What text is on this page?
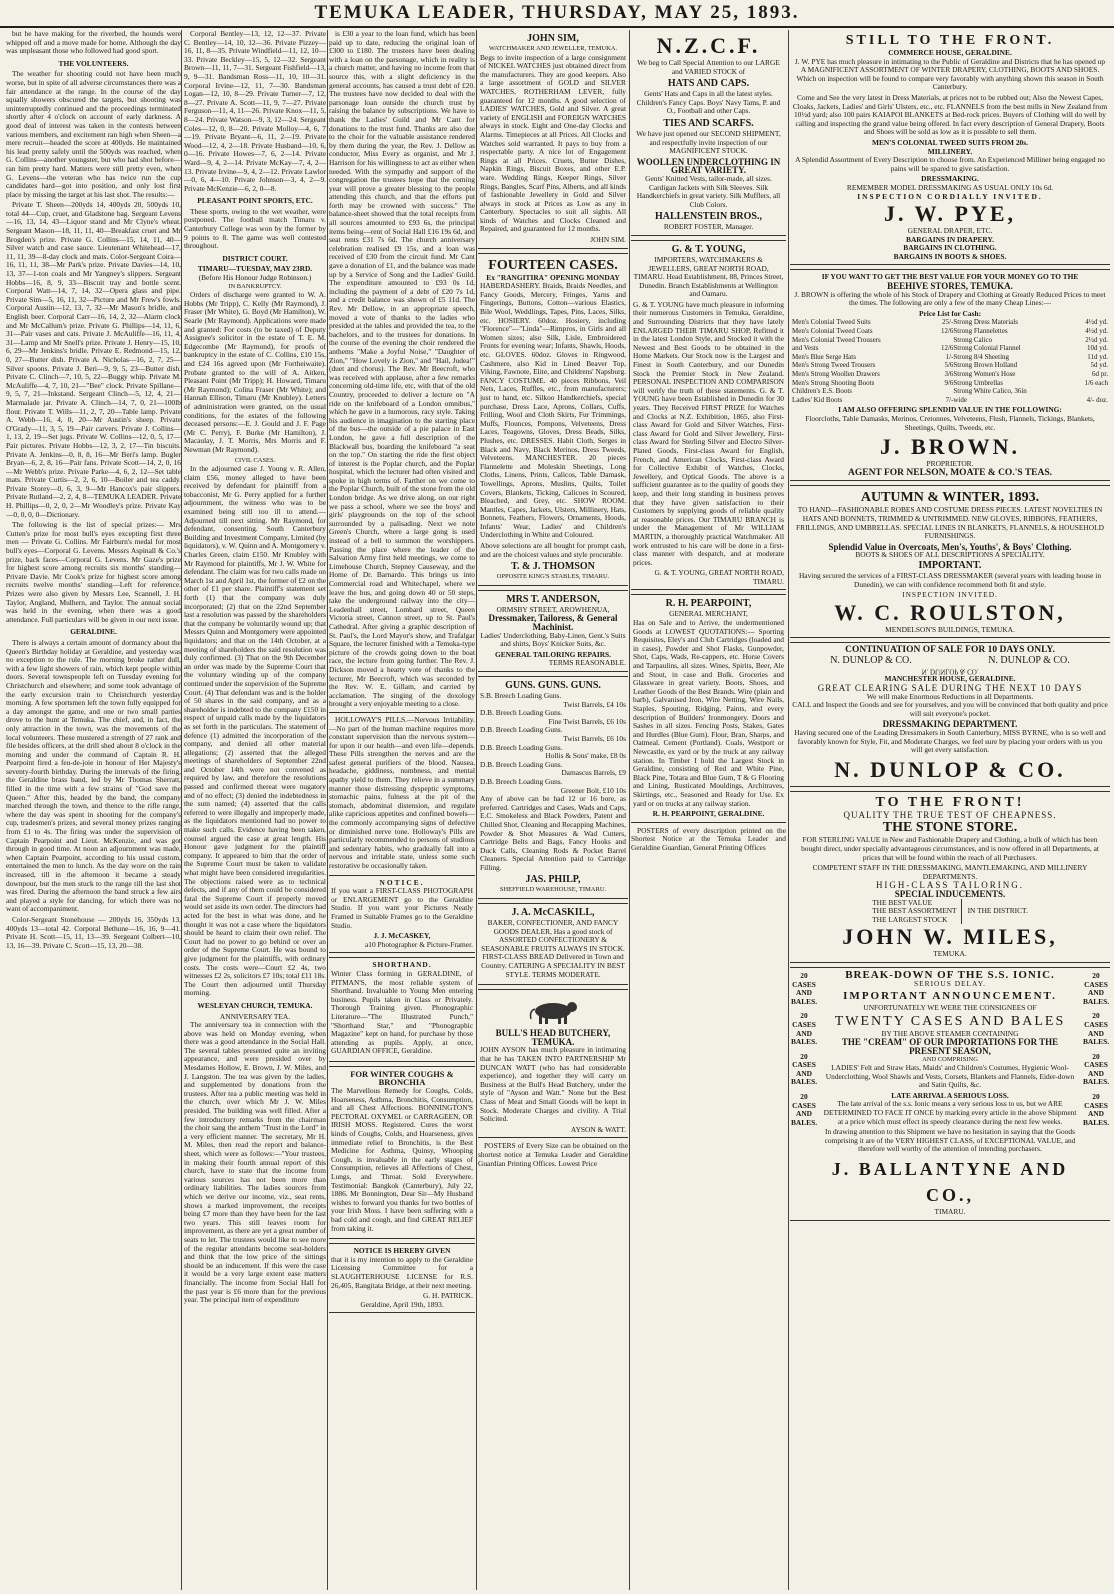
TEMUKA LEADER, THURSDAY, MAY 25, 1893.

but he have making for the riverbed, the hounds were whipped off and a move made for home. Although the day was unpleasant those who followed had good sport.

THE VOLUNTEERS.

The weather for shooting could not have been much worse, but in spite of all adverse circumstances there was a fair attendance at the range. In the course of the day squally showers obscured the targets, but shooting was uninterruptedly continued and the proceedings terminated shortly after 4 o'clock on account of early darkness. A good deal of interest was taken in the contests between various members, and excitement ran high when Sheen—a mere recruit—headed the score at 400yds. He maintained his lead pretty safely until the 500yds was reached, when G. Collins—another youngster, but who had shot before—ran him pretty hard. Matters were still pretty even, when G. Levens—the veteran who has twice run the cup candidates hard—got into position, and only lost first place by missing the target at his last shot. The results:—

Private T. Sheen—200yds 14, 400yds 20, 500yds 10, total 44—Cup, cruet, and Gladstone bag. Sergeant Levens—16, 13, 14, 43—Liquor stand and Mr Clyne's wheat. Sergeant Mason—18, 11, 11, 40—Breakfast cruet and Mr Brogden's prize. Private G. Collins—15, 14, 11, 40—Silver watch and case sauce. Lieutenant Whitehead—17, 11, 11, 39—8-day clock and mats. Color-Sergeant Coira—16, 11, 11, 38—Mr Park's prize. Private Davies—14, 10, 13, 37—1-ton coals and Mr Yangney's slippers. Sergeant Hobbs—16, 8, 9, 33—Biscuit tray and bottle scent. Corporal Watt—14, 7, 14, 32—Opera glass and pipe. Private Sim—5, 16, 11, 32—Picture and Mr Frew's fowls. Corporal Austin—12, 13, 7, 32—Mr Mason's bridle, and English beer. Corporal Carr—16, 14, 2, 32—Alarm clock and Mr McCallum's prize. Private G. Phillips—14, 11, 6, 31—Pair vases and cats. Private J. McAuliffe—16, 11, 4, 31—Lamp and Mr Snell's prize. Private J. Henry—15, 10, 6, 29—Mr Jenkins's bridle. Private E. Redmond—15, 12, 0, 27—Butter dish. Private A. Nicholas—16, 2, 7, 25—Silver spoons. Private J. Beri—9, 9, 5, 23—Butter dish. Private C. Clinch—7, 10, 5, 22—Buggy whip. Private M. McAuliffe—4, 7, 10, 21—"Bee" clock. Private Spillane—9, 5, 7, 21—Inkstand. Sergeant Clinch—5, 12, 4, 21—Marmalade jar. Private A. Clinch—14, 7, 0, 21—100lb flour. Private T. Wills—11, 2, 7, 20—Table lamp. Private A. Webb—16, 4, 0, 20—Mr Austin's sheep. Private O'Grady—11, 3, 5, 19—Pair carvers. Private J. Collins—1, 13, 2, 19—Set jugs. Private W. Collins—12, 0, 5, 17—Pair pictures. Private Hobbs—12, 3, 2, 17—Tin biscuits. Private A. Jenkins—0, 8, 8, 16—Mr Beri's lamp. Bugler Bryan—6, 2, 8, 16—Pair fans. Private Scott—14, 2, 0, 16—Mr Webb's prize. Private Parke—4, 6, 2, 12—Set table mats. Private Curtis—2, 2, 6, 10—Boiler and tea caddy. Private Storey—0, 6, 3, 9—Mr Hancox's pair slippers. Private Rutland—2, 2, 4, 8—TEMUKA LEADER. Private H. Phillips—0, 2, 0, 2—Mr Woodley's prize. Private Kay—0, 0, 0, 0—Dictionary.

The following is the list of special prizes:— Mrs Cutten's prize for most bull's eyes excepting first three men — Private G. Collins. Mr Fairburn's medal for most bull's eyes—Corporal G. Levens. Messrs Aspinall & Co.'s prize, back faces—Corporal G. Levens. Mr Gaze's prize for highest score among recruits six months' standing—Private Davie. Mr Cook's prize for highest score among recruits twelve months' standing—Left for reference. Prizes were also given by Messrs Lee, Scannell, J. H. Taylor, Angland, Mulhern, and Taylor. The annual social was held in the evening, when there was a good attendance. Full particulars will be given in our next issue.

GERALDINE.

There is always a certain amount of dormancy about the Queen's Birthday holiday at Geraldine, and yesterday was no exception to the rule. The morning broke rather dull, with a few light showers of rain, which kept people within doors. Several townspeople left on Tuesday evening for Christchurch and elsewhere; and some took advantage of the early excursion train to Christchurch yesterday morning. A few sportsmen left the town fully equipped for a day amongst the game, and one or two small parties drove to the hunt at Temuka. The chief, and, in fact, the only attraction in the town, was the movements of the local volunteers. These mustered a strength of 27 rank and file besides officers, at the drill shed about 8 o'clock in the morning and under the command of Captain R. H. Pearpoint fired a feu-de-joie in honour of Her Majesty's seventy-fourth birthday. During the intervals of the firing, the Geraldine brass band, led by Mr Thomas Sherratt, filled in the time with a few strains of "God save the Queen." After this, headed by the band, the company marched through the town, and thence to the rifle range, where the day was spent in shooting for the company's cup, tradesmen's prizes, and several money prizes ranging from £1 to 4s. The firing was under the supervision of Captain Pearpoint and Lieut. McKenzie, and was got through in good time. At noon an adjournment was made, when Captain Pearpoint, according to his usual custom, entertained the men to lunch. As the day wore on the rain increased, till in the afternoon it became a steady downpour, but the men stuck to the range till the last shot was fired. During the afternoon the band struck a few airs and played a style for dancing, for which there was no want of accompaniment.

Color-Sergeant Stonehouse — 200yds 16, 350yds 13, 400yds 13—total 42. Corporal Bethune—16, 16, 9—41. Private H. Scott—15, 11, 13—39. Sergeant Colbert—10, 13, 16—39. Private C. Scott—15, 13, 20—38.

Corporal Bentley—13, 12, 12—37. Private C. Bentley—14, 10, 12—36. Private Pizzey—16, 11, 8—35. Private Windfield—11, 12, 10—33. Private Beckley—15, 5, 12—32. Sergeant Brown—11, 11, 7—31. Sergeant Fishfield—13, 9, 9—31. Bandsman Ross—11, 10, 10—31. Corporal Irvine—12, 11, 7—30. Bandsman Logan—12, 10, 8—29. Private Turner—7, 12, 8—27. Private A. Scott—11, 9, 7—27. Private Ferguson—11, 4, 11—26. Private Knox—11, 5, 8—24. Private Watson—9, 3, 12—24. Sergeant Coles—12, 0, 8—20. Private Molloy—4, 6, 7—19. Private Bryant—6, 11, 2—19. Private Wood—12, 4, 2—18. Private Husband—10, 6, 0—16. Private Howes—7, 6, 2—14. Private Ward—9, 4, 2—14. Private McKay—7, 4, 2—13. Private Irvine—9, 4, 2—12. Private Lawlor—0, 6, 4—10. Private Johnson—3, 4, 2—9. Private McKenzie—6, 2, 0—8.

PLEASANT POINT SPORTS, ETC.

These sports, owing to the wet weather, were postponed. The football match Timaru v. Canterbury College was won by the former by 9 points to 8. The game was well contested throughout.

DISTRICT COURT.
TIMARU—TUESDAY, MAY 23RD.
(Before His Honour Judge Robinson.)
IN BANKRUPTCY.

Orders of discharge were granted to W. A. Hobbs (Mr Tripp), C. Kelly (Mr Raymond), J. Fraser (Mr White), G. Boyd (Mr Hamilton), W. Searle (Mr Raymond). Applications were made and granted: For costs (to be taxed) of Deputy Assignee's solicitor in the estate of T. E. M. Edgecombe (Mr Raymond), for proofs of bankruptcy in the estate of C. Collins, £10 15s, and £24 16s agreed upon (Mr Fortheiwaite). Probate granted to the will of A. Aitken, Pleasant Point (Mr Tripp); H. Howard, Timaru (Mr Raymond); Colina Fraser (Mr White); and Hannah Ellison, Timaru (Mr Knubley). Letters of administration were granted, on the usual conditions, for the estates of the following deceased persons:—E. J. Gould and J. F. Page (Mr C. Perry), F. Burke (Mr Hamilton), J. Macaulay, J. T. Morris, Mrs Morris and F. Newman (Mr Raymond).

CIVIL CASES.

In the adjourned case J. Young v. R. Allen, claim £56, money alleged to have been received by defendant for plaintiff from a tobacconist, Mr G. Perry applied for a further adjournment, the witness who was to be examined being still too ill to attend.—Adjourned till next sitting. Mr Raymond, for defendant, consenting. South Canterbury Building and Investment Company, Limited (by liquidators), v. W. Quinn and A. Montgomery v. Charles Green, claim £150. Mr Knubley with Mr Raymond for plaintiffs, Mr J. W. White for defendant. The claim was for two calls made on March 1st and April 1st, the former of £2 on the other of £1 per share. Plaintiff's statement set forth (1) that the company was duly incorporated; (2) that on the 22nd September last a resolution was passed by the shareholders that the company be voluntarily wound up; that Messrs Quinn and Montgomery were appointed liquidators; and that on the 14th October, at a meeting of shareholders the said resolution was duly confirmed. (3) That on the 9th December an order was made by the Supreme Court that the voluntary winding up of the company continued under the supervision of the Supreme Court. (4) That defendant was and is the holder of 50 shares in the said company, and as a shareholder is indebted to the company £150 in respect of unpaid calls made by the liquidators as set forth in the particulars. The statement of defence (1) admitted the incorporation of the company, and denied all other material allegations; (2) asserted that the alleged meetings of shareholders of September 22nd and October 14th were not convened as required by law, and therefore the resolutions passed and confirmed thereat were nugatory and of no effect; (3) denied the indebtedness in the sum named; (4) asserted that the calls referred to were illegally and improperly made, as the liquidators mentioned had no power to make such calls. Evidence having been taken, counsel argued the case at great length. His Honour gave judgment for the plaintiff company. It appeared to him that the order of the Supreme Court must be taken to validate what might have been considered irregularities. The objections raised were as to technical defects, and if any of them could be considered fatal the Supreme Court if properly moved would set aside its own order. The directors had acted for the best in what was done, and he thought it was not a case where the liquidators should be heard to claim their own relief. The Court had no power to go behind or over an order of the Supreme Court. He was bound to give judgment for the plaintiffs, with ordinary costs. The costs were—Court £2 4s, two witnesses £2 2s, solicitors £7 10s; total £11 18s. The Court then adjourned until Thursday morning.

WESLEYAN CHURCH, TEMUKA.
ANNIVERSARY TEA.

The anniversary tea in connection with the above was held on Monday evening, when there was a good attendance in the Social Hall. The several tables presented quite an inviting appearance, and were presided over by Mesdames Hollow, E. Brown, J. W. Miles, and J. Langston. The tea was given by the ladies, and supplemented by donations from the trustees. After tea a public meeting was held in the church, over which Mr J. W. Miles presided. The building was well filled. After a few introductory remarks from the chairman the choir sang the anthem "Trust in the Lord" in a very efficient manner. The secretary, Mr H. M. Miles, then read the report and balance-sheet, which were as follows:—"Your trustees, in making their fourth annual report of this church, have to state that the income from various sources has not been more than ordinary liabilities. The ladies sources from which we derive our income, viz., seat rents, shows a marked improvement, the receipts being £7 more than they have been for the last two years. This still leaves room for improvement, as there are yet a great number of seats to let. The trustees would like to see more of the regular attendants become seat-holders and think that the low price of the sittings should be an inducement. If this were the case it would be a very large extent ease matters financially. The income from Social Hall for the past year is £6 more than for the previous year. The principal item of expenditure

is £30 a year to the loan fund, which has been paid up to date, reducing the original loan of £300 to £180. The trustees have been dealing with a loan on the parsonage, which in reality is a church matter, and having no income from that source this, with a slight deficiency in the general accounts, has caused a trust debt of £20. The trustees have now decided to deal with the parsonage loan outside the church trust by raising the balance by subscriptions. We have to thank the Ladies' Guild and Mr Cant for donations to the trust fund. Thanks are also due to the choir for the valuable assistance rendered by them during the year, the Rev. J. Dellow as conductor, Miss Every as organist, and Mr J. Harrison for his willingness to act as either when needed. With the sympathy and support of the congregation the trustees hope that the coming year will prove a greater blessing to the people attending this church, and that the efforts put forth may be crowned with success." The balance-sheet showed that the total receipts from all sources amounted to £93 6s, the principal items being—rent of Social Hall £16 19s 6d, and seat rents £31 7s 6d. The church anniversary celebration realised £9 15s, and a loan was received of £30 from the circuit fund. Mr Cant gave a donation of £1, and the balance was made up by a Service of Song and the Ladies' Guild. The expenditure amounted to £93 0s 1d, including the payment of a debt of £20 7s 1d, and a credit balance was shown of £5 11d. The Rev. Mr Dellow, in an appropriate speech, moved a vote of thanks to the ladies who presided at the tables and provided the tea, to the bachelors, and to the trustees for donations. In the course of the evening the choir rendered the anthems "Make a Joyful Noise," "Daughter of Zion," "How Lovely is Zion," and "Hail, Judea!" (duet and chorus). The Rev. Mr Beecroft, who was received with applause, after a few remarks concerning old-time life, etc, with that of the old Country, proceeded to deliver a lecture on "A ride on the knifeboard of a London omnibus," which he gave in a humorous, racy style. Taking his audience in imagination to the starting place of the bus—the outside of a pie palace in East London, he gave a full description of the Blackwall bus, boarding the knifeboard "a seat on the top." On starting the ride the first object of interest is the Poplar church, and the Poplar hospital, which the lecturer had often visited and spoke in high terms of. Farther on we come to the Poplar Church, built of the stone from the old London bridge. As we drive along, on our right we pass a school, where we see the boys' and girls' playgrounds on the top of the school surrounded by a palisading. Next we note Green's Church, where a large gong is used instead of a bell to summon the worshippers. Passing the place where the leader of the Salvation Army first held meetings, we come to Limehouse Church, Stepney Causeway, and the Home of Dr. Barnardo. This brings us into Commercial road and Whitechapel, where we leave the bus, and going down 40 or 50 steps, take the underground railway into the city—Leadenhall street, Lombard street, Queen Victoria street, Cannon street, up to St. Paul's Cathedral. After giving a graphic description of St. Paul's, the Lord Mayor's show, and Trafalgar Square, the lecturer finished with a Temuka-type picture of the crowds going down to the boat race, the lecture from going further. The Rev. J. Dickson moved a hearty vote of thanks to the lecturer, Mr Beecroft, which was seconded by the Rev. W. E. Gillam, and carried by acclamation. The singing of the doxology brought a very enjoyable meeting to a close.

HOLLOWAY'S PILLS.—Nervous Irritability.—No part of the human machine requires more constant supervision than the nervous system—for upon it our health—and even life—depends. These Pills strengthen the nerves and are the safest general purifiers of the blood. Nausea, headache, giddiness, numbness, and mental apathy yield to them. They relieve in a summary manner those distressing dyspeptic symptoms, stomachic pains, fulness at the pit of the stomach, abdominal distension, and regulate alike capricious appetites and confined bowels—the commonly accompanying signs of defective or diminished nerve tone. Holloway's Pills are particularly recommended to persons of studious and sedentary habits, who gradually fall into a nervous and irritable state, unless some such restorative be occasionally taken.

NOTICE.

If you want a FIRST-CLASS PHOTOGRAPH or ENLARGEMENT go to the Geraldine Studio. If you want your Pictures Neatly Framed in Suitable Frames go to the Geraldine Studio.

J. J. McCASKEY,
a10 Photographer & Picture-Framer.
SHORTHAND.

Winter Class forming in GERALDINE, of PITMAN'S, the most reliable system of Shorthand. Invaluable to Young Men entering business. Pupils taken in Class or Privately. Thorough Training given. Phonographic Literature—"The Illustrated Punch," "Shorthand Star," and "Phonographic Magazine" kept on hand, for purchase by those attending as pupils. Apply, at once, GUARDIAN OFFICE, Geraldine.

FOR WINTER COUGHS & BRONCHIA

The Marvellous Remedy for Coughs, Colds, Hoarseness, Asthma, Bronchitis, Consumption, and all Chest Affections. BONNINGTON'S PECTORAL OXYMEL or CARRAGEEN, OR IRISH MOSS. Registered. Cures the worst kinds of Coughs, Colds, and Hoarseness, gives immediate relief to Bronchitis, is the Best Medicine for Asthma, Quinsy, Whooping Cough, is invaluable in the early stages of Consumption, relieves all Affections of Chest, Lungs, and Throat. Sold Everywhere. Testimonial: Bangkok (Canterbury), July 22, 1886. Mr Bonnington, Dear Sir—My Husband wishes to forward you thanks for two bottles of your Irish Moss. I have been suffering with a bad cold and cough, and find GREAT RELIEF from taking it.

NOTICE IS HEREBY GIVEN

that it is my intention to apply to the Geraldine Licensing Committee for a SLAUGHTERHOUSE LICENSE for R.S. 26,405, Rangitata Bridge, at their next meeting.

G. H. PATRICK.
Geraldine, April 19th, 1893.
JOHN SIM,
WATCHMAKER AND JEWELLER, TEMUKA.

Begs to invite inspection of a large consignment of NICKEL WATCHES just obtained direct from the manufacturers. They are good keepers. Also a large assortment of GOLD and SILVER WATCHES, ROTHERHAM LEVER, fully guaranteed for 12 months. A good selection of LADIES' WATCHES, Gold and Silver. A great variety of ENGLISH and FOREIGN WATCHES always in stock. Eight and One-day Clocks and Alarms. Timepieces at all Prices. All Clocks and Watches sold warranted. It pays to buy from a respectable party. A nice lot of Engagement Rings at all Prices. Cruets, Butter Dishes, Napkin Rings, Biscuit Boxes, and other E.P. ware. Wedding Rings, Keeper Rings, Silver Rings, Bangles, Scarf Pins, Alberts, and all kinds of fashionable Jewellery in Gold and Silver always in stock at Prices as Low as any in Canterbury. Spectacles to suit all sights. All kinds of Watches and Clocks Cleaned and Repaired, and guaranteed for 12 months.

JOHN SIM.
FOURTEEN CASES.
Ex "RANGITIRA" OPENING MONDAY

HABERDASHERY. Braids, Braids Needles, and Fancy Goods, Mercery, Fringes, Yarns and Fingerings, Buttons, Cotton—various Elastics, Bile Wool, Weddlings, Tapes, Pins, Laces, Silks, etc. HOSIERY. 60doz. Hosiery, including "Florence"—"Linda"—Rimpros, in Girls and all Women sizes; also Silk, Lisle, Embroidered Fronts for evening wear; Infants, Shawls, Hoods, etc. GLOVES. 60doz. Gloves in Ringwood, Cashmere, also Kid in Lined Beaver Top, Viking, Fawnote, Elite, and Childrens' Napsburg. FANCY COSTUME. 40 pieces Ribbons, Veil Nets, Laces, Ruffles, etc., from manufacturers; just to hand, etc. Silkoo Handkerchiefs, special purchase, Dress Lace, Aprons, Collars, Cuffs, Frilling, Wool and Cloth Skirts, Fur Trimmings, Muffs, Flounces, Pompons, Velveteens, Dress Laces, Teagowns, Gloves, Dress Beads, Silks, Plushes, etc. DRESSES. Habit Cloth, Serges in Black and Navy, Black Merinos, Dress Tweeds, Velveteens. MANCHESTER. 20 pieces Flannelette and Moleskin Sheetings, Long Cloths, Linens, Prints, Calicos, Table Damask, Towellings, Aprons, Muslins, Quilts, Toilet Covers, Blankets, Ticking, Calicoes in Scoured, Bleached, and Grey, etc. SHOW ROOM. Mantles, Capes, Jackets, Ulsters, Millinery, Hats, Bonnets, Feathers, Flowers, Ornaments, Hoods, Infants' Wear, Ladies' and Children's Underclothing in White and Coloured.

Above selections are all bought for prompt cash, and are the choicest values and style procurable.

T. & J. THOMSON
OPPOSITE KING'S STABLES, TIMARU.
MRS T. ANDERSON,
ORMSBY STREET, AROWHENUA,
Dressmaker, Tailoress, & General Machinist.

Ladies' Underclothing, Baby-Linen, Gent.'s Suits and shirts, Boys' Knicker Suits, &c.

GENERAL TAILORING REPAIRS.
TERMS REASONABLE.
GUNS. GUNS. GUNS.
S.B. Breech Loading Guns.
Twist Barrels, £4 10s
D.B. Breech Loading Guns.
Fine Twist Barrels, £6 10s
D.B. Breech Loading Guns.
Twist Barrels, £6 10s
D.B. Breech Loading Guns.
Hollis & Sons' make, £8 0s
D.B. Breech Loading Guns.
Damascus Barrels, £9
D.B. Breech Loading Guns.
Greener Bolt, £10 10s

Any of above can be had 12 or 16 bore, as preferred. Cartridges and Cases, Wads and Caps, E.C. Smokeless and Black Powders, Patent and Chilled Shot, Cleaning and Recapping Machines, Powder & Shot Measures & Wad Cutters, Cartridge Belts and Bags, Fancy Hooks and Duck Calls, Cleaning Rods & Pocket Barrel Cleaners. Special Attention paid to Cartridge Filling.

JAS. PHILP,
SHEFFIELD WAREHOUSE, TIMARU.
J. A. McCASKILL,

BAKER, CONFECTIONER, AND FANCY GOODS DEALER, Has a good stock of ASSORTED CONFECTIONERY & SEASONABLE FRUITS ALWAYS IN STOCK. FIRST-CLASS BREAD Delivered in Town and Country. CATERING A SPECIALITY IN BEST STYLE. TERMS MODERATE.

BULL'S HEAD BUTCHERY, TEMUKA.

JOHN AYSON has much pleasure in intimating that he has TAKEN INTO PARTNERSHIP Mr DUNCAN WATT (who has had considerable experience), and together they will carry on Business at the Bull's Head Butchery, under the style of "Ayson and Watt." None but the Best Class of Meat and Small Goods will be kept in Stock. Moderate Charges and civility. A Trial Solicited.

AYSON & WATT.

POSTERS of Every Size can be obtained on the shortest notice at Temuka Leader and Geraldine Guardian Printing Offices. Lowest Price

N.Z.C.F.

We beg to Call Special Attention to our LARGE and VARIED STOCK of

HATS AND CAPS.

Gents' Hats and Caps in all the latest styles. Children's Fancy Caps. Boys' Navy Tams, P. and O., Football and other Caps.

TIES AND SCARFS.

We have just opened our SECOND SHIPMENT, and respectfully invite inspection of our MAGNIFICENT STOCK.

WOOLLEN UNDERCLOTHING IN GREAT VARIETY.

Gents' Knitted Vests, tailor-made, all sizes. Cardigan Jackets with Silk Sleeves. Silk Handkerchiefs in great variety. Silk Mufflers, all Club Colors.

HALLENSTEIN BROS.,
ROBERT FOSTER, Manager.
G. & T. YOUNG,

IMPORTERS, WATCHMAKERS & JEWELLERS, GREAT NORTH ROAD, TIMARU. Head Establishment, 88, Princes Street, Dunedin. Branch Establishments at Wellington and Oamaru.

G. & T. YOUNG have much pleasure in informing their numerous Customers in Temuka, Geraldine, and Surrounding Districts that they have lately ENLARGED THEIR TIMARU SHOP, Refitted it in the latest London Style, and Stocked it with the Newest and Best Goods to be obtained in the Home Markets. Our Stock now is the Largest and Finest in South Canterbury, and our Dunedin Stock the Premier Stock in New Zealand. PERSONAL INSPECTION AND COMPARISON will verify the truth of these statements. G. & T. YOUNG have been Established in Dunedin for 30 years. They Received FIRST PRIZE for Watches and Clocks at N.Z. Exhibition, 1865, also First-class Award for Gold and Silver Watches, First-class Award for Gold and Silver Jewellery, First-class Award for Sterling Silver and Electro Silver-Plated Goods, First-class Award for English, French, and American Clocks, First-class Award for Collective Exhibit of Watches, Clocks, Jewellery, and Optical Goods. The above is a sufficient guarantee as to the quality of goods they keep, and their long standing in business proves that they have given satisfaction to their Customers by supplying goods of reliable quality at reasonable prices. Our TIMARU BRANCH is under the Management of Mr WILLIAM MARTIN, a thoroughly practical Watchmaker. All work entrusted to his care will be done in a first-class manner with despatch, and at moderate prices.

G. & T. YOUNG, GREAT NORTH ROAD, TIMARU.
R. H. PEARPOINT,
GENERAL MERCHANT,

Has on Sale and to Arrive, the undermentioned Goods at LOWEST QUOTATIONS:— Sporting Requisites, Eley's and Club Cartridges (loaded and in cases), Powder and Shot Flasks, Gunpowder, Shot, Caps, Wads, Re-cappers, etc. Horse Covers and Tarpaulins, all sizes. Wines, Spirits, Beer, Ale and Stout, in case and Bulk. Groceries and Glassware in great variety. Boots, Shoes, and Leather Goods of the Best Brands. Wire (plain and barb), Galvanised Iron, Wire Netting, Wire Nails, Staples, Spouting, Ridging, Paints, and every description of Builders' Ironmongery. Doors and Sashes in all sizes. Fencing Posts, Stakes, Gates and Hurdles (Blue Gum). Flour, Bran, Sharps, and Oatmeal. Cement (Portland). Coals, Westport or Newcastle, ex yard or by the truck at any railway station. In Timber I hold the Largest Stock in Geraldine, consisting of Red and White Pine, Black Pine, Totara and Blue Gum, T & G Flooring and Lining, Rusticated Mouldings, Architraves, Skirtings, etc., Seasoned and Ready for Use. Ex yard or on trucks at any railway station.

R. H. PEARPOINT, GERALDINE.

POSTERS of every description printed on the Shortest Notice at the Temuka Leader and Geraldine Guardian, General Printing Offices

STILL TO THE FRONT.
COMMERCE HOUSE, GERALDINE.

J. W. PYE has much pleasure in intimating to the Public of Geraldine and Districts that he has opened up A MAGNIFICENT ASSORTMENT OF WINTER DRAPERY, CLOTHING, BOOTS AND SHOES. Which on inspection will be found to compare very favorably with anything shown this season in South Canterbury.

Come and See the very latest in Dress Materials, at prices not to be rubbed out; Also the Newest Capes, Cloaks, Jackets, Ladies' and Girls' Ulsters, etc., etc. FLANNELS from the best mills in New Zealand from 10½d yard; also 100 pairs KAIAPOI BLANKETS at Bed-rock prices. Buyers of Clothing will do well by calling and inspecting the grand value being offered. In fact every description of General Drapery, Boots and Shoes will be sold as low as it is possible to sell them.

MEN'S COLONIAL TWEED SUITS FROM 20s.
MILLINERY.

A Splendid Assortment of Every Description to choose from. An Experienced Milliner being engaged no pains will be spared to give satisfaction.

DRESSMAKING.
REMEMBER MODEL DRESSMAKING AS USUAL ONLY 10s 6d.
INSPECTION CORDIALLY INVITED.
J. W. PYE,
GENERAL DRAPER, ETC.
BARGAINS IN DRAPERY.
BARGAINS IN CLOTHING.
BARGAINS IN BOOTS & SHOES.
IF YOU WANT TO GET THE BEST VALUE FOR YOUR MONEY GO TO THE
BEEHIVE STORES, TEMUKA.

J. BROWN is offering the whole of his Stock of Drapery and Clothing at Greatly Reduced Prices to meet the times. The following are only a few of the many Cheap Lines:—

Price List for Cash:
Men's Colonial Tweed Suits	25/-	Strong Dress Materials	4½d yd.
Men's Colonial Tweed Coats	12/6	Strong Flannelettes	4½d yd.
Men's Colonial Tweed Trousers		Strong Calico	2½d yd.
and Vests	12/6	Strong Colonial Flannel	10d yd.
Men's Blue Serge Hats	1/-	Strong 8/4 Sheeting	11d yd.
Men's Strong Tweed Trousers	5/6	Strong Brown Holland	5d yd.
Men's Strong Woollen Drawers	3/6	Strong Women's Hose	6d pr.
Men's Strong Shooting Boots	9/6	Strong Umbrellas	1/6 each
Children's E.S. Boots		Strong White Calico, 36in	
Ladies' Kid Boots	7/-	wide	4/- doz.
I AM ALSO OFFERING SPLENDID VALUE IN THE FOLLOWING:

Floorcloths, Table Damasks, Merinos, Cretonnes, Velveteens, Flush, Flannels, Tickings, Blankets, Sheetings, Quilts, Tweeds, etc.

J. BROWN.
PROPRIETOR.
AGENT FOR NELSON, MOATE & CO.'S TEAS.
AUTUMN & WINTER, 1893.

TO HAND—FASHIONABLE ROBES AND COSTUME DRESS PIECES. LATEST NOVELTIES IN HATS AND BONNETS, TRIMMED & UNTRIMMED. NEW GLOVES, RIBBONS, FEATHERS, FRILLINGS, AND UMBRELLAS. SPECIAL LINES IN BLANKETS, FLANNELS, & HOUSEHOLD FURNISHINGS.

Splendid Value in Overcoats, Men's, Youths', & Boys' Clothing.
BOOTS & SHOES OF ALL DESCRIPTIONS A SPECIALITY.
IMPORTANT.

Having secured the services of a FIRST-CLASS DRESSMAKER (several years with leading house in Dunedin), we can with confidence recommend both fit and style.

INSPECTION INVITED.
W. C. ROULSTON,
MENDELSON'S BUILDINGS, TEMUKA.
CONTINUATION OF SALE FOR 10 DAYS ONLY.
N. DUNLOP & CO.	N. DUNLOP & CO.
N. DUNLOP & CO.
MANCHESTER HOUSE, GERALDINE.
GREAT CLEARING SALE DURING THE NEXT 10 DAYS
We will make Enormous Reductions in all Departments.

CALL and Inspect the Goods and see for yourselves, and you will be convinced that both quality and price will suit everyone's pocket.

DRESSMAKING DEPARTMENT.

Having secured one of the Leading Dressmakers in South Canterbury, MISS BYRNE, who is so well and favorably known for Style, Fit, and Moderate Charges, we feel sure by placing your orders with us you will get every satisfaction.

N. DUNLOP & CO.
TO THE FRONT!
QUALITY THE TRUE TEST OF CHEAPNESS.
THE STONE STORE.

FOR STERLING VALUE in New and Fashionable Drapery and Clothing, a bulk of which has been bought direct, under specially advantageous circumstances, and is now offered in all Departments, at prices that will be found within the reach of all Purchasers.

COMPETENT STAFF IN THE DRESSMAKING, MANTLEMAKING, AND MILLINERY DEPARTMENTS.
HIGH-CLASS TAILORING.
SPECIAL INDUCEMENTS.
THE BEST VALUE
THE BEST ASSORTMENT
THE LARGEST STOCK
IN THE DISTRICT.
JOHN W. MILES,
TEMUKA.
20
CASES
AND
BALES.
20
CASES
AND
BALES.
20
CASES
AND
BALES.
20
CASES
AND
BALES.
20
CASES
AND
BALES.
20
CASES
AND
BALES.
20
CASES
AND
BALES.
20
CASES
AND
BALES.
BREAK-DOWN OF THE S.S. IONIC.
SERIOUS DELAY.
IMPORTANT ANNOUNCEMENT.
UNFORTUNATELY WE WERE THE CONSIGNEES OF
TWENTY CASES AND BALES
BY THE ABOVE STEAMER CONTAINING
THE "CREAM" OF OUR IMPORTATIONS FOR THE PRESENT SEASON,
AND COMPRISING

LADIES' Felt and Straw Hats, Maids' and Children's Costumes, Hygienic Wool-Underclothing, Wool Shawls and Vests, Corsets, Blankets and Flannels, Eider-down and Satin Quilts, &c.

LATE ARRIVAL A SERIOUS LOSS.

The late arrival of the s.s. Ionic means a very serious loss to us, but we ARE DETERMINED TO FACE IT ONCE by marking every article in the above Shipment at a price which must effect its speedy clearance during the next few weeks.

In drawing attention to this Shipment we have no hesitation in saying that the Goods comprising it are of the VERY HIGHEST CLASS, of EXCEPTIONAL VALUE, and therefore well worthy of the attention of intending purchasers.

J. BALLANTYNE AND CO.,
TIMARU.
